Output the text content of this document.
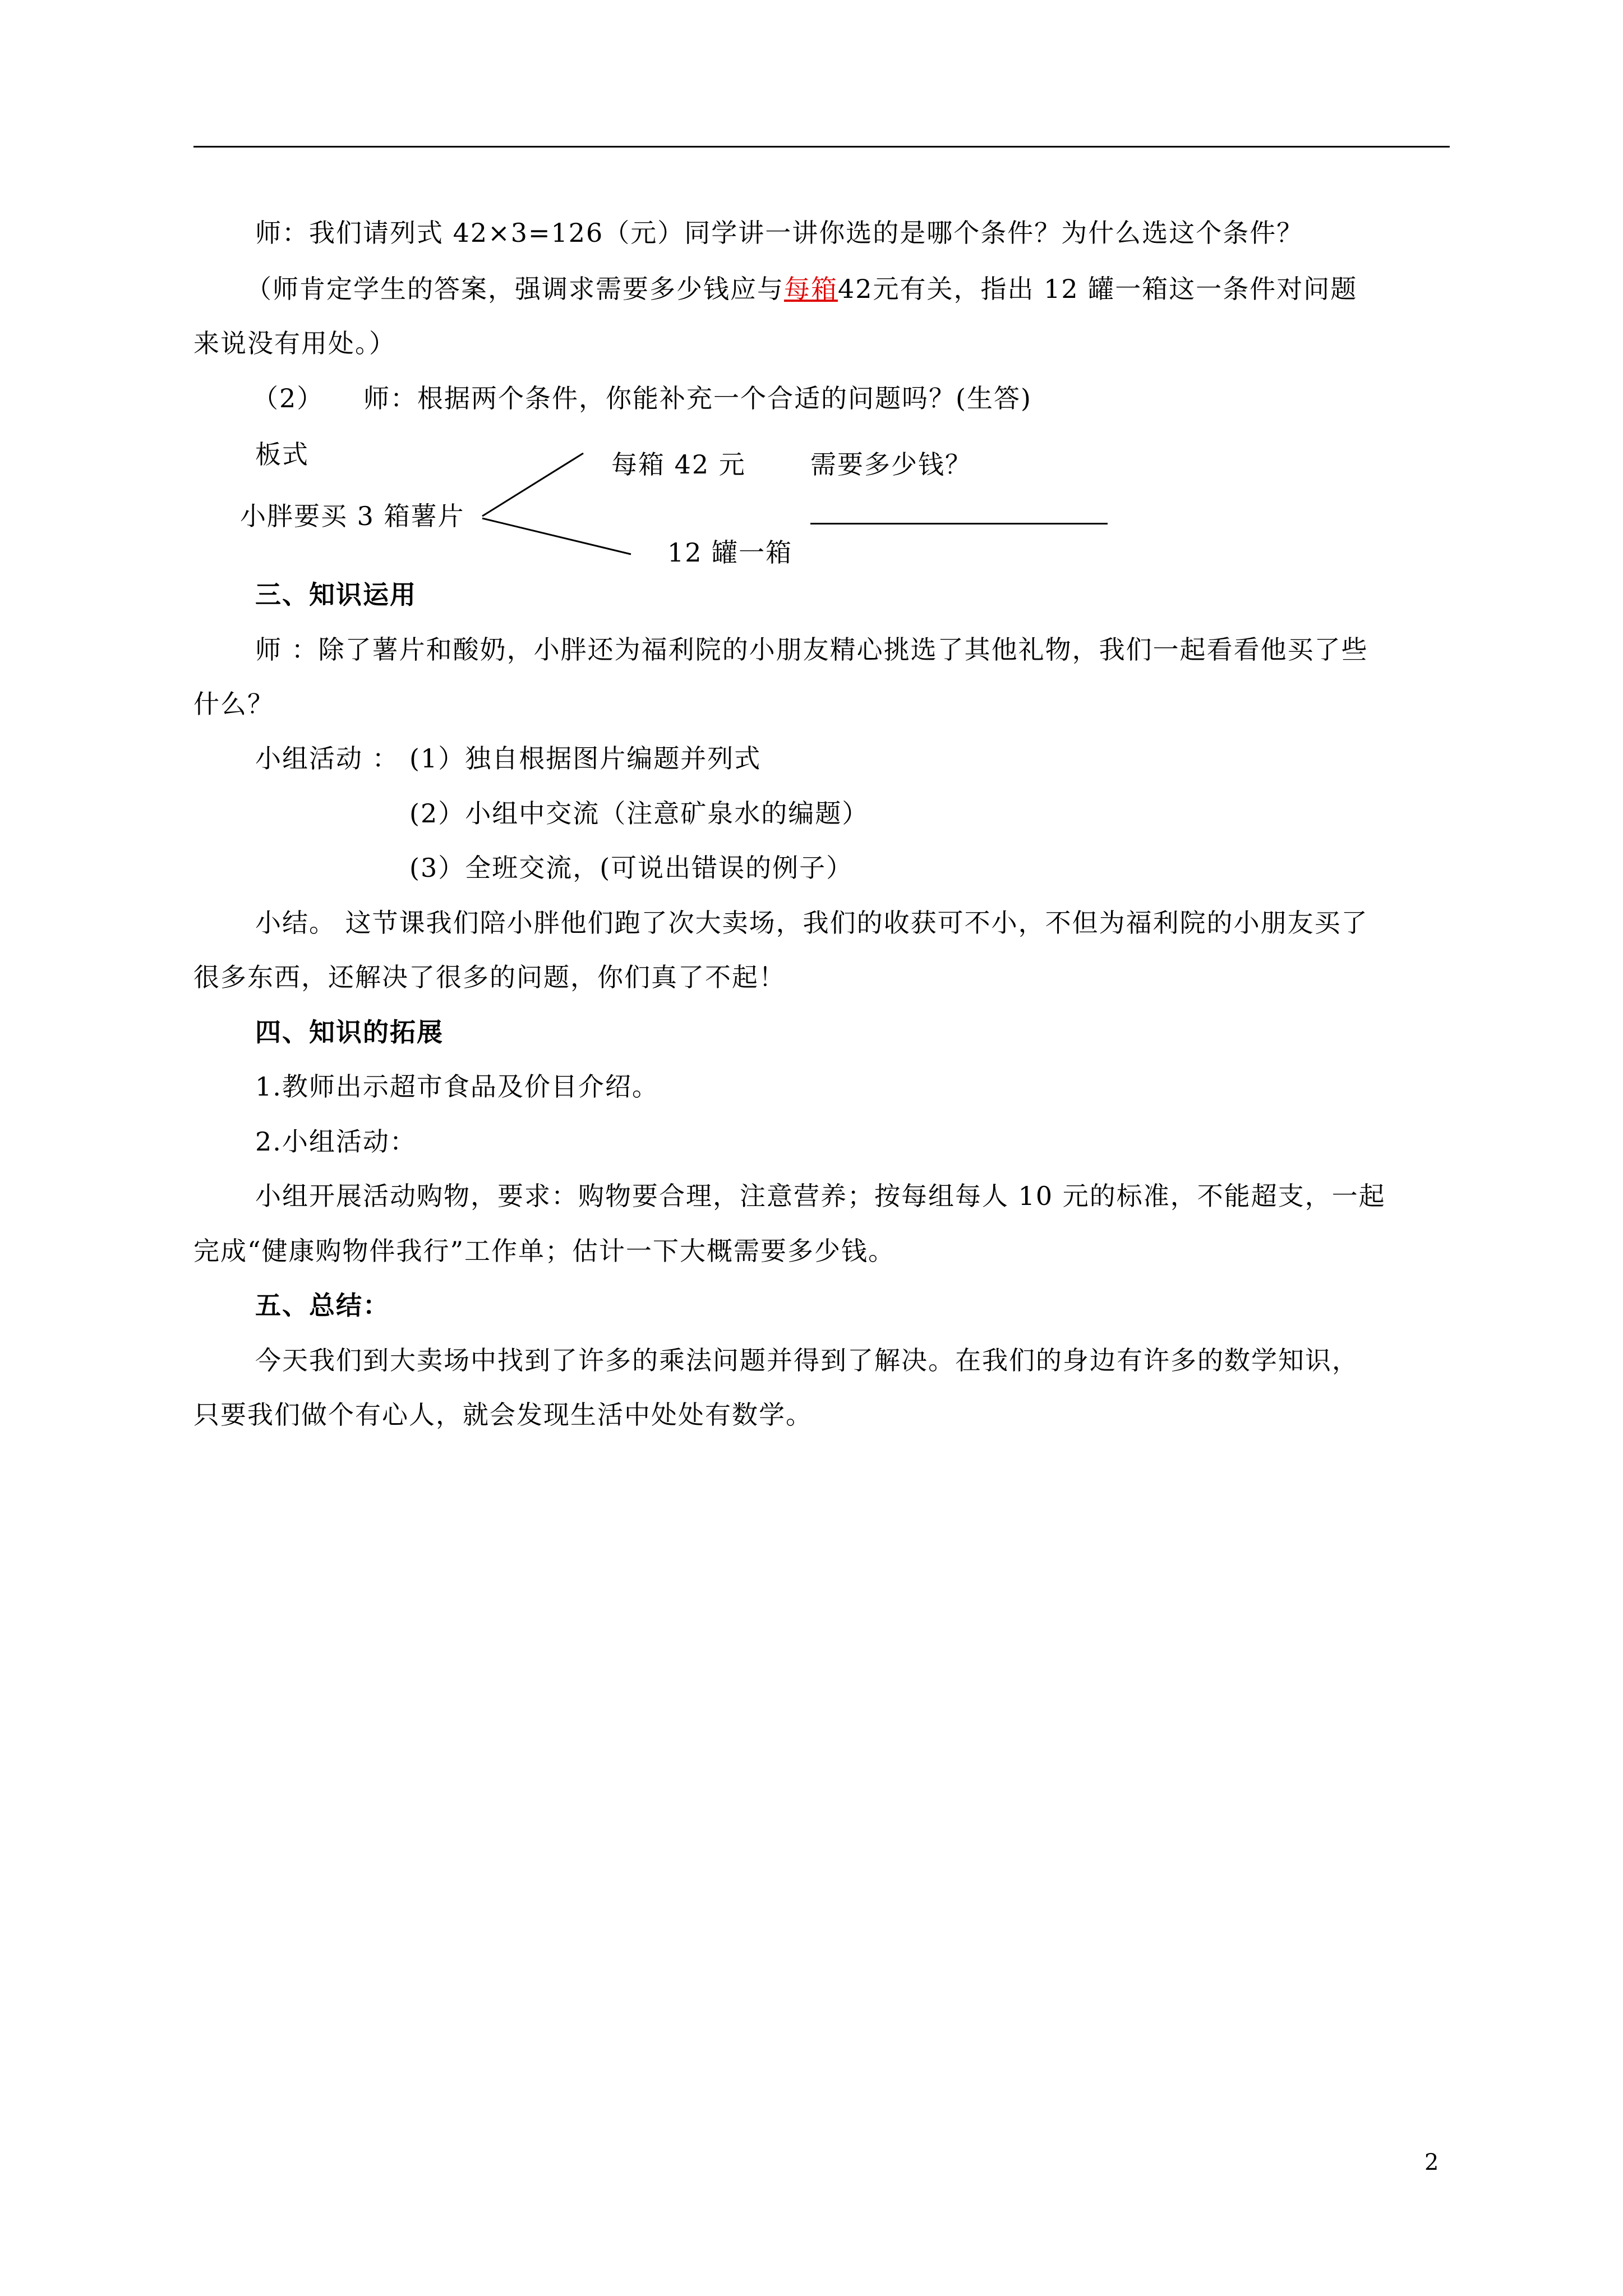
师：我们请列式 42×3=126（元）同学讲一讲你选的是哪个条件？为什么选这个条件？
（师肯定学生的答案，强调求需要多少钱应与每箱42元有关，指出 12 罐一箱这一条件对问题
来说没有用处。）
（2） 师：根据两个条件，你能补充一个合适的问题吗？(生答)
板式
小胖要买 3 箱薯片
每箱 42 元
12 罐一箱
需要多少钱？
三、知识运用
师 ：除了薯片和酸奶，小胖还为福利院的小朋友精心挑选了其他礼物，我们一起看看他买了些
什么？
小组活动 ： (1）独自根据图片编题并列式
(2）小组中交流（注意矿泉水的编题）
(3）全班交流，(可说出错误的例子）
小结。 这节课我们陪小胖他们跑了次大卖场，我们的收获可不小，不但为福利院的小朋友买了
很多东西，还解决了很多的问题，你们真了不起！
四、知识的拓展
1.教师出示超市食品及价目介绍。
2.小组活动：
小组开展活动购物，要求：购物要合理，注意营养；按每组每人 10 元的标准，不能超支，一起
完成“健康购物伴我行”工作单；估计一下大概需要多少钱。
五、总结：
今天我们到大卖场中找到了许多的乘法问题并得到了解决。在我们的身边有许多的数学知识，
只要我们做个有心人，就会发现生活中处处有数学。
2
